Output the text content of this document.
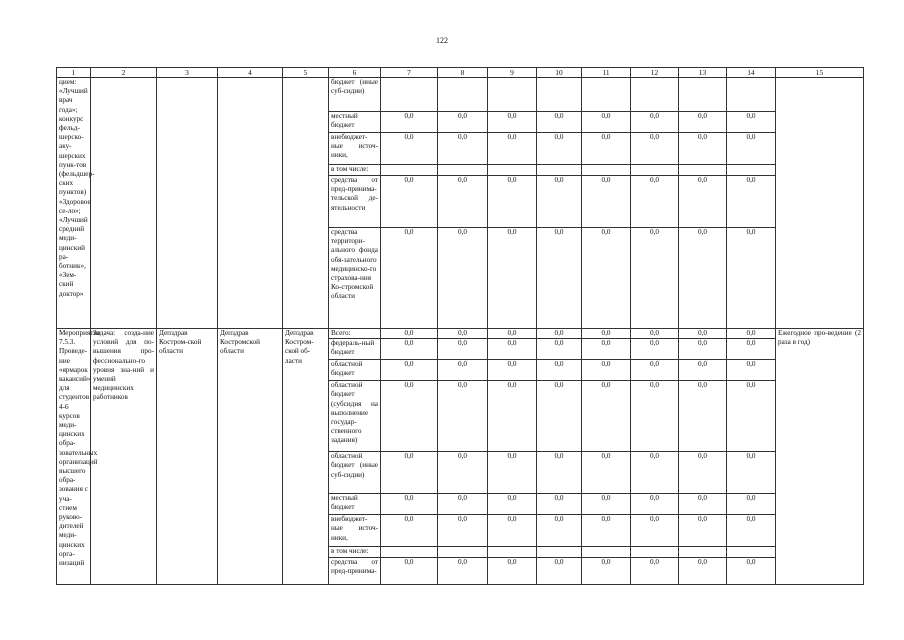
122
1	2	3	4	5	6	7	8	9	10	11	12	13	14	15
цием: «Лучший врач года»; конкурс фельд-шерско-аку-шерских пунк-тов (фельдшер-ских пунктов) «Здоровое се-ло»; «Лучший средний меди-цинский ра-ботник», «Зем-ский доктор»					бюджет (иные суб-сидии)									
					местный бюджет	0,0	0,0	0,0	0,0	0,0	0,0	0,0	0,0	
					внебюджет-ные источ-ники,	0,0	0,0	0,0	0,0	0,0	0,0	0,0	0,0	
					в том числе:									
					средства от пред-принима-тельской де-ятельности	0,0	0,0	0,0	0,0	0,0	0,0	0,0	0,0	
					средства территори-ального фонда обя-зательного медицинско-го страхова-ния Ко-стромской области	0,0	0,0	0,0	0,0	0,0	0,0	0,0	0,0	
Мероприятие 7.5.3. Проведе-ние «ярмарок вакансий» для студентов 4-6 курсов меди-цинских обра-зовательных организаций высшего обра-зования с уча-стием руково-дителей меди-цинских орга-низаций	Задача: созда-ние условий для по-вышения про-фессионально-го уровня зна-ний и умений медицинских работников	Депздрав Костром-ской области	Депздрав Костромской области	Депздрав Костром-ской об-ласти	Всего:	0,0	0,0	0,0	0,0	0,0	0,0	0,0	0,0	Ежегодное про-ведение (2 раза в год)
					федераль-ный бюджет	0,0	0,0	0,0	0,0	0,0	0,0	0,0	0,0	
					областной бюджет	0,0	0,0	0,0	0,0	0,0	0,0	0,0	0,0	
					областной бюджет (субсидия на выполнение государ-ственного задания)	0,0	0,0	0,0	0,0	0,0	0,0	0,0	0,0	
					областной бюджет (иные суб-сидии)	0,0	0,0	0,0	0,0	0,0	0,0	0,0	0,0	
					местный бюджет	0,0	0,0	0,0	0,0	0,0	0,0	0,0	0,0	
					внебюджет-ные источ-ники,	0,0	0,0	0,0	0,0	0,0	0,0	0,0	0,0	
					в том числе:									
					средства от пред-принима-	0,0	0,0	0,0	0,0	0,0	0,0	0,0	0,0	
